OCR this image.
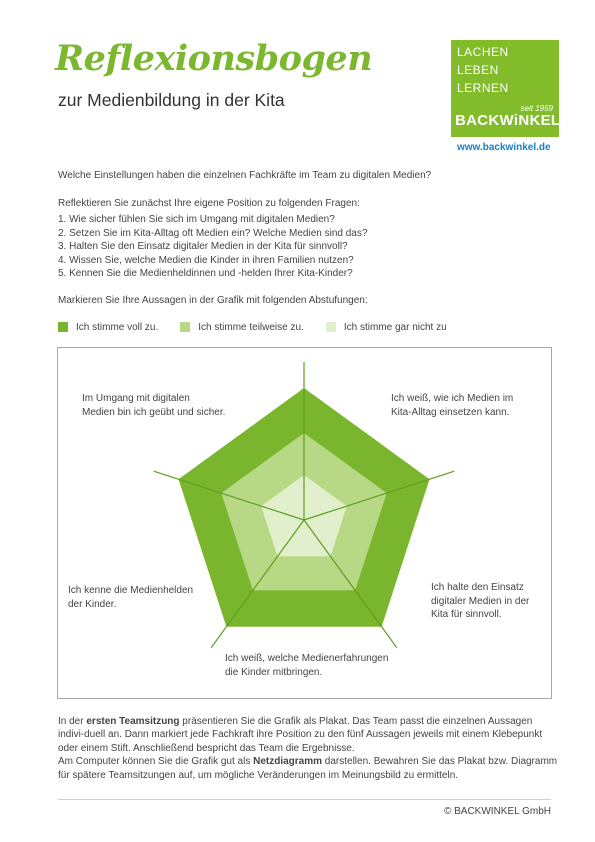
Reflexionsbogen
zur Medienbildung in der Kita
LACHEN
LEBEN
LERNEN
seit 1959
BACKWiNKEL
www.backwinkel.de
Welche Einstellungen haben die einzelnen Fachkräfte im Team zu digitalen Medien?
Reflektieren Sie zunächst Ihre eigene Position zu folgenden Fragen:
1. Wie sicher fühlen Sie sich im Umgang mit digitalen Medien?
2. Setzen Sie im Kita-Alltag oft Medien ein? Welche Medien sind das?
3. Halten Sie den Einsatz digitaler Medien in der Kita für sinnvoll?
4. Wissen Sie, welche Medien die Kinder in ihren Familien nutzen?
5. Kennen Sie die Medienheldinnen und -helden Ihrer Kita-Kinder?
Markieren Sie Ihre Aussagen in der Grafik mit folgenden Abstufungen:
Ich stimme voll zu.	Ich stimme teilweise zu.	Ich stimme gar nicht zu
Im Umgang mit digitalen
Medien bin ich geübt und sicher.
Ich weiß, wie ich Medien im
Kita-Alltag einsetzen kann.
Ich halte den Einsatz
digitaler Medien in der
Kita für sinnvoll.
Ich weiß, welche Medienerfahrungen
die Kinder mitbringen.
Ich kenne die Medienhelden
der Kinder.

In der ersten Teamsitzung präsentieren Sie die Grafik als Plakat. Das Team passt die einzelnen Aussagen indivi-duell an. Dann markiert jede Fachkraft ihre Position zu den fünf Aussagen jeweils mit einem Klebepunkt oder einem Stift. Anschließend bespricht das Team die Ergebnisse.

Am Computer können Sie die Grafik gut als Netzdiagramm darstellen. Bewahren Sie das Plakat bzw. Diagramm für spätere Teamsitzungen auf, um mögliche Veränderungen im Meinungsbild zu ermitteln.

© BACKWINKEL GmbH
